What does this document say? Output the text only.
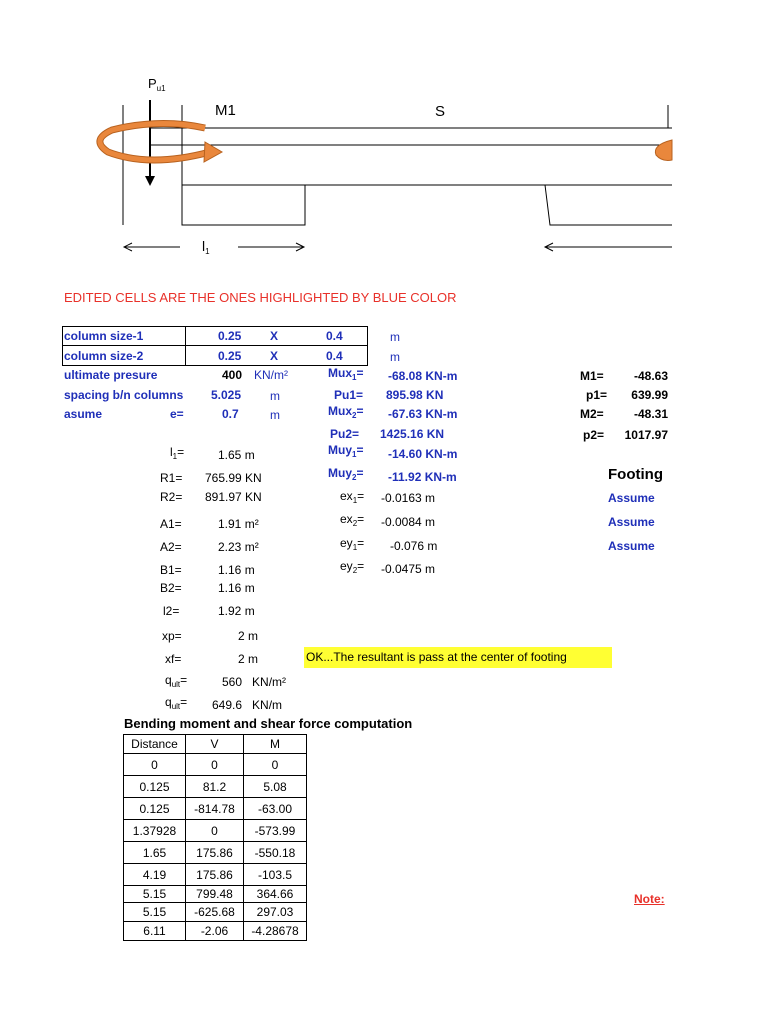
$P_{u1}$
M1	S
$l_1$
EDITED CELLS ARE THE ONES HIGHLIGHTED BY BLUE COLOR
column size-1	0.25 X	0.4	m
column size-2	0.25 X	0.4	m
ultimate presure	400 KN/m²
spacing b/n columns 5.025 m
asume	e=	0.7	m
Mux$_1$= -68.08 KN-m
Pu1= 895.98 KN
Mux$_2$= -67.63 KN-m
Pu2= 1425.16 KN
Muy$_1$= -14.60 KN-m
Muy$_2$= -11.92 KN-m
$ex_1= -0.0163$ m
$ex_2= -0.0084$ m
$ey_1= -0.076$ m
$ey_2= -0.0475$ m
M1=	-48.63
p1=	639.99
M2=	-48.31
p2=	1017.97
Footing
Assume
Assume
Assume
$l_1=$	1.65 m
R1= 765.99 KN
R2= 891.97 KN
A1=	1.91 m²
A2=	2.23 m²
B1=	1.16 m
B2=	1.16 m
l2=	1.92 m
xp=	2 m
xf=	2 m
$q_{ult}=$	560 KN/m²
$q_{ult}= 649.6$ KN/m
OK...The resultant is pass at the center of footing
Bending moment and shear force computation
Distance	V	M
0	0	0
0.125	81.2	5.08
0.125	-814.78	-63.00
1.37928	0	-573.99
1.65	175.86	-550.18
4.19	175.86	-103.5
5.15	799.48	364.66
5.15	-625.68	297.03
6.11	-2.06	-4.28678
Note:
